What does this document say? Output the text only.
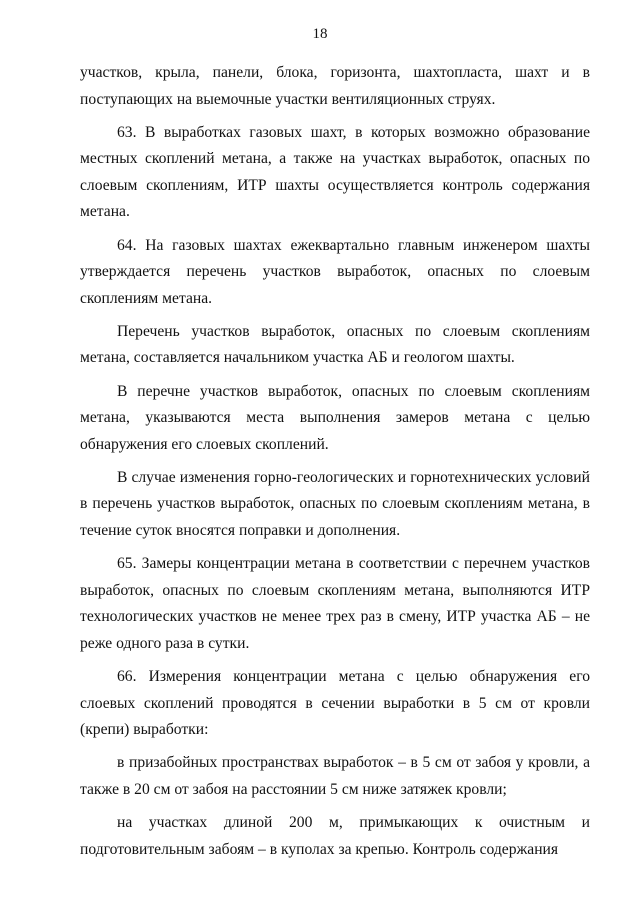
18

участков, крыла, панели, блока, горизонта, шахтопласта, шахт и в поступающих на выемочные участки вентиляционных струях.

63. В выработках газовых шахт, в которых возможно образование местных скоплений метана, а также на участках выработок, опасных по слоевым скоплениям, ИТР шахты осуществляется контроль содержания метана.

64. На газовых шахтах ежеквартально главным инженером шахты утверждается перечень участков выработок, опасных по слоевым скоплениям метана.

Перечень участков выработок, опасных по слоевым скоплениям метана, составляется начальником участка АБ и геологом шахты.

В перечне участков выработок, опасных по слоевым скоплениям метана, указываются места выполнения замеров метана с целью обнаружения его слоевых скоплений.

В случае изменения горно-геологических и горнотехнических условий в перечень участков выработок, опасных по слоевым скоплениям метана, в течение суток вносятся поправки и дополнения.

65. Замеры концентрации метана в соответствии с перечнем участков выработок, опасных по слоевым скоплениям метана, выполняются ИТР технологических участков не менее трех раз в смену, ИТР участка АБ – не реже одного раза в сутки.

66. Измерения концентрации метана с целью обнаружения его слоевых скоплений проводятся в сечении выработки в 5 см от кровли (крепи) выработки:

в призабойных пространствах выработок – в 5 см от забоя у кровли, а также в 20 см от забоя на расстоянии 5 см ниже затяжек кровли;

на участках длиной 200 м, примыкающих к очистным и подготовительным забоям – в куполах за крепью. Контроль содержания
